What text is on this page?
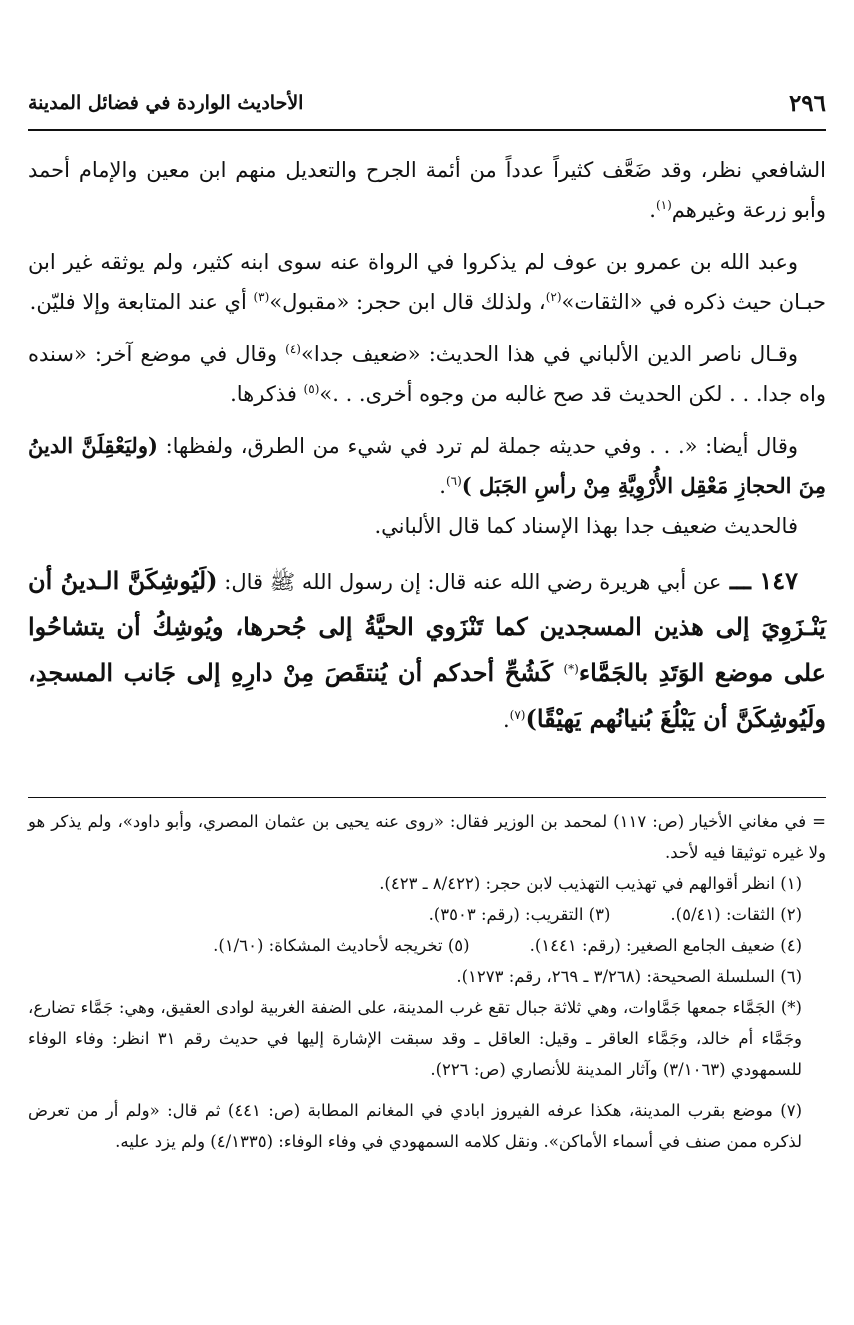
٢٩٦
الأحاديث الواردة في فضائل المدينة

الشافعي نظر، وقد ضَعَّف كثيراً عدداً من أئمة الجرح والتعديل منهم ابن معين والإمام أحمد وأبو زرعة وغيرهم$^{(١)}$.

وعبد الله بن عمرو بن عوف لم يذكروا في الرواة عنه سوى ابنه كثير، ولم يوثقه غير ابن حبـان حيث ذكره في «الثقات»$^{(٢)}$، ولذلك قال ابن حجر: «مقبول»$^{(٣)}$ أي عند المتابعة وإلا فليّن.

وقـال ناصر الدين الألباني في هذا الحديث: «ضعيف جدا»$^{(٤)}$ وقال في موضع آخر: «سنده واه جدا. . . لكن الحديث قد صح غالبه من وجوه أخرى. . .»$^{(٥)}$ فذكرها.

وقال أيضا: «. . . وفي حديثه جملة لم ترد في شيء من الطرق، ولفظها: (وليَعْقِلَنَّ الدينُ مِنَ الحجازِ مَعْقِل الأُرْوِيَّةِ مِنْ رأسِ الجَبَل )$^{(٦)}$.

فالحديث ضعيف جدا بهذا الإسناد كما قال الألباني.

١٤٧ ـــ عن أبي هريرة رضي الله عنه قال: إن رسول الله ﷺ قال: (لَيُوشِكَنَّ الـدينُ أن يَنْـزَوِيَ إلى هذين المسجدين كما تَنْزَوي الحيَّةُ إلى جُحرها، ويُوشِكُ أن يتشاحُوا على موضع الوَتَدِ بالجَمَّاء(*) كَشُحِّ أحدكم أن يُنتقَصَ مِنْ دارِهِ إلى جَانب المسجدِ، ولَيُوشِكَنَّ أن يَبْلُغَ بُنيانُهم يَهيْقًا)$^{(٧)}$.

= في مغاني الأخيار (ص: ١١٧) لمحمد بن الوزير فقال: «روى عنه يحيى بن عثمان المصري، وأبو داود»، ولم يذكر هو ولا غيره توثيقا فيه لأحد.

(١) انظر أقوالهم في تهذيب التهذيب لابن حجر: (٨/٤٢٢ ـ ٤٢٣).

(٢) الثقات: (٥/٤١).
(٣) التقريب: (رقم: ٣٥٠٣).
(٤) ضعيف الجامع الصغير: (رقم: ١٤٤١).
(٥) تخريجه لأحاديث المشكاة: (١/٦٠).

(٦) السلسلة الصحيحة: (٣/٢٦٨ ـ ٢٦٩، رقم: ١٢٧٣).

(*) الجَمَّاء جمعها جَمَّاوات، وهي ثلاثة جبال تقع غرب المدينة، على الضفة الغربية لوادى العقيق، وهي: جَمَّاء تضارع، وجَمَّاء أم خالد، وجَمَّاء العاقر ـ وقيل: العاقل ـ وقد سبقت الإشارة إليها في حديث رقم ٣١ انظر: وفاء الوفاء للسمهودي (٣/١٠٦٣) وآثار المدينة للأنصاري (ص: ٢٢٦).

(٧) موضع بقرب المدينة، هكذا عرفه الفيروز ابادي في المغانم المطابة (ص: ٤٤١) ثم قال: «ولم أر من تعرض لذكره ممن صنف في أسماء الأماكن». ونقل كلامه السمهودي في وفاء الوفاء: (٤/١٣٣٥) ولم يزد عليه.
